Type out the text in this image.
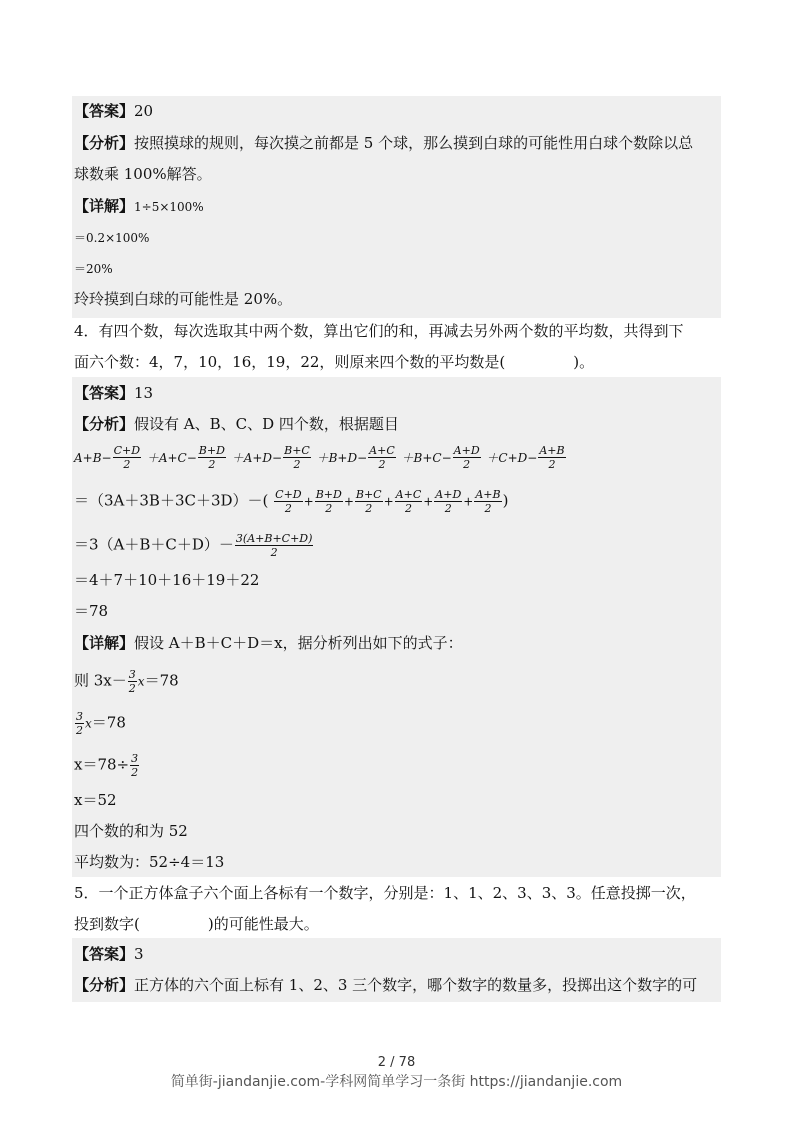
【答案】20
【分析】按照摸球的规则，每次摸之前都是 5 个球，那么摸到白球的可能性用白球个数除以总
球数乘 100%解答。
【详解】1÷5×100%
＝0.2×100%
＝20%
玲玲摸到白球的可能性是 20%。
4．有四个数，每次选取其中两个数，算出它们的和，再减去另外两个数的平均数，共得到下
面六个数：4，7，10，16，19，22，则原来四个数的平均数是(	)。
【答案】13
【分析】假设有 A、B、C、D 四个数，根据题目
$A+B- \frac{C+D}{2} +A+C- \frac{B+D}{2} +A+D- \frac{B+C}{2} +B+D- \frac{A+C}{2} +B+C- \frac{A+D}{2} +C+D- \frac{A+B}{2}$
$=(3A+3B+3C+3D)-( \frac{C+D}{2} + \frac{B+D}{2} + \frac{B+C}{2} + \frac{A+C}{2} + \frac{A+D}{2} + \frac{A+B}{2}$ )
$=3(A+B+C+D)- \frac{3(A+B+C+D)}{2}$
＝4＋7＋10＋16＋19＋22
＝78
【详解】假设 A＋B＋C＋D＝x，据分析列出如下的式子：
则 $3x- \frac{3}{2} x=78$
$\frac{3}{2} x=78$
$x=78\div \frac{3}{2}$
x＝52
四个数的和为 52
平均数为：52÷4＝13
5．一个正方体盒子六个面上各标有一个数字，分别是：1、1、2、3、3、3。任意投掷一次，
投到数字(	)的可能性最大。
【答案】3
【分析】正方体的六个面上标有 1、2、3 三个数字，哪个数字的数量多，投掷出这个数字的可
2 / 78
简单街-jiandanjie.com-学科网简单学习一条街 https://jiandanjie.com
